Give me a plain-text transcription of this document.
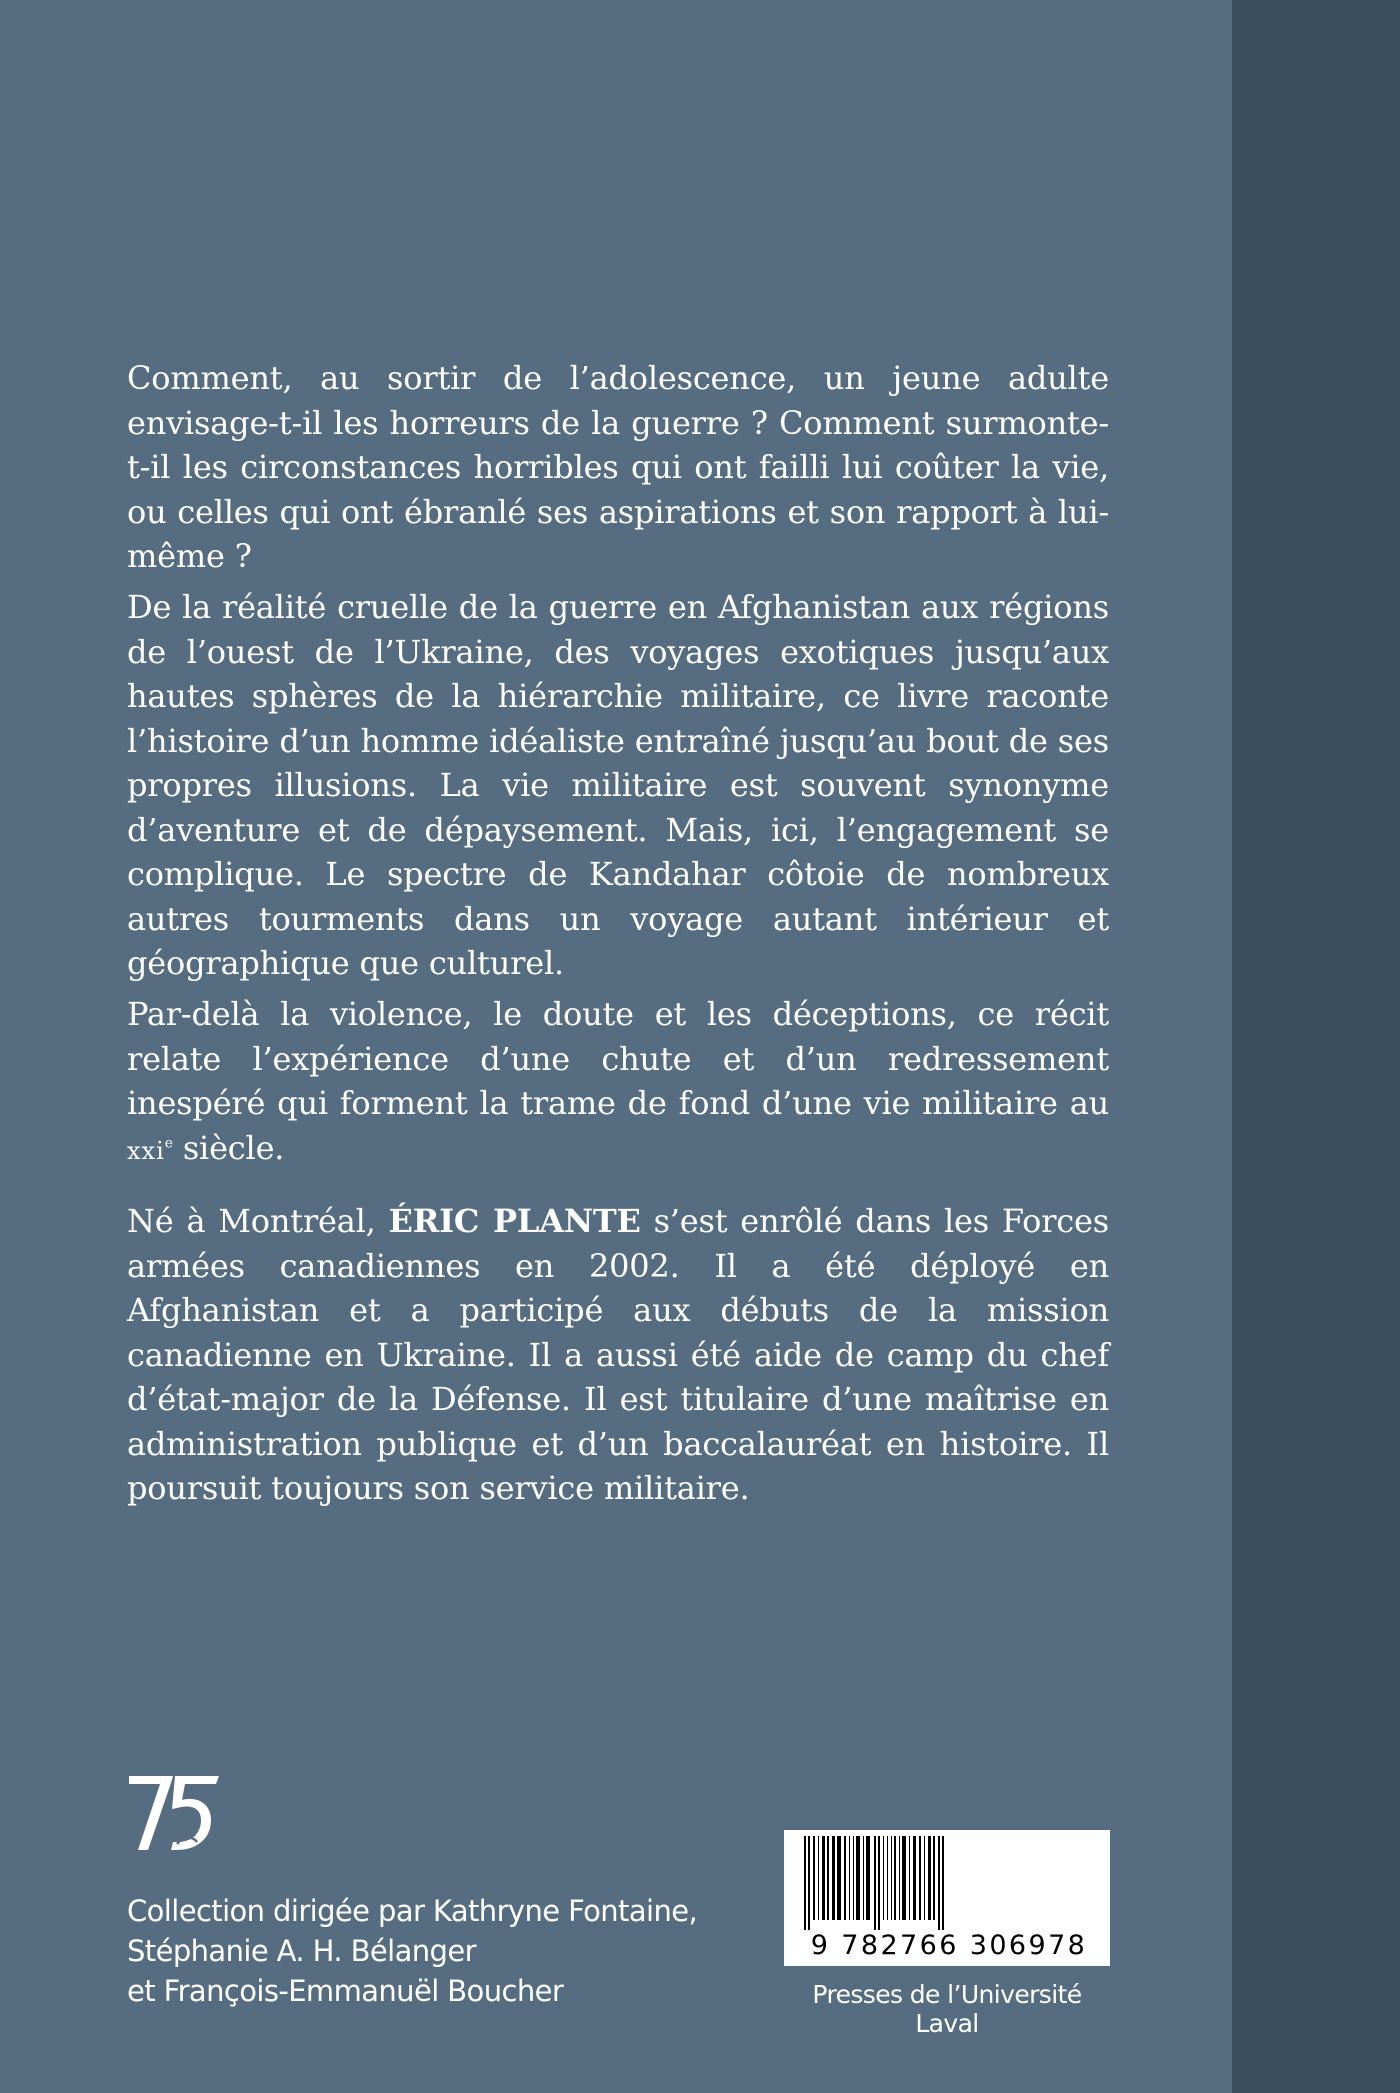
Comment, au sortir de l’adolescence, un jeune adulte envisage-t-il les horreurs de la guerre ? Comment surmonte-t-il les circonstances horribles qui ont failli lui coûter la vie, ou celles qui ont ébranlé ses aspirations et son rapport à lui-même ?

De la réalité cruelle de la guerre en Afghanistan aux régions de l’ouest de l’Ukraine, des voyages exotiques jusqu’aux hautes sphères de la hiérarchie militaire, ce livre raconte l’histoire d’un homme idéaliste entraîné jusqu’au bout de ses propres illusions. La vie militaire est souvent synonyme d’aventure et de dépaysement. Mais, ici, l’engagement se complique. Le spectre de Kandahar côtoie de nombreux autres tourments dans un voyage autant intérieur et géographique que culturel.

Par-delà la violence, le doute et les déceptions, ce récit relate l’expérience d’une chute et d’un redressement inespéré qui forment la trame de fond d’une vie militaire au xxi$^e$ siècle.

Né à Montréal, ÉRIC PLANTE s’est enrôlé dans les Forces armées canadiennes en 2002. Il a été déployé en Afghanistan et a participé aux débuts de la mission canadienne en Ukraine. Il a aussi été aide de camp du chef d’état-major de la Défense. Il est titulaire d’une maîtrise en administration publique et d’un baccalauréat en histoire. Il poursuit toujours son service militaire.

Collection dirigée par Kathryne Fontaine,
Stéphanie A. H. Bélanger
et François-Emmanuël Boucher
9 782766 306978
Presses de l’Université Laval
